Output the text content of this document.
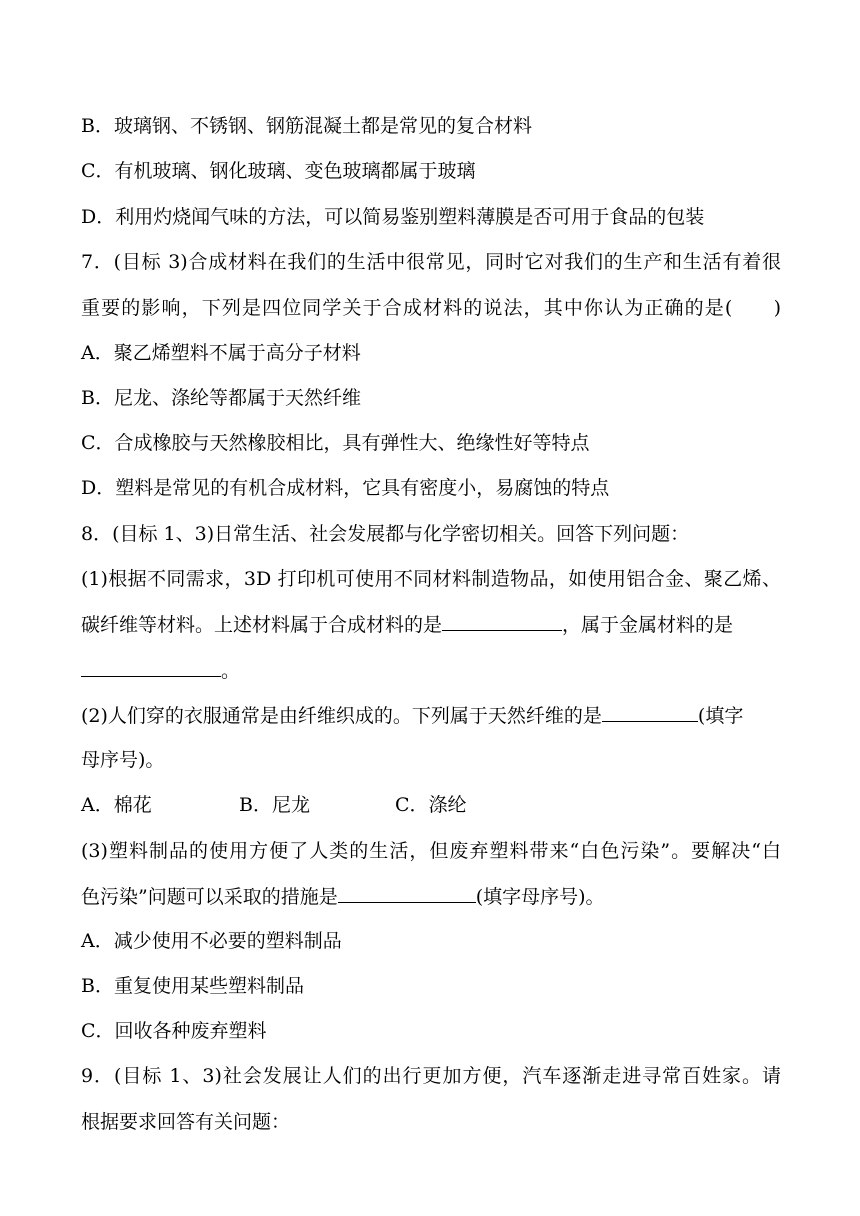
B．玻璃钢、不锈钢、钢筋混凝土都是常见的复合材料
C．有机玻璃、钢化玻璃、变色玻璃都属于玻璃
D．利用灼烧闻气味的方法，可以简易鉴别塑料薄膜是否可用于食品的包装
7．(目标 3)合成材料在我们的生活中很常见，同时它对我们的生产和生活有着很
重要的影响，下列是四位同学关于合成材料的说法，其中你认为正确的是(　　)
A．聚乙烯塑料不属于高分子材料
B．尼龙、涤纶等都属于天然纤维
C．合成橡胶与天然橡胶相比，具有弹性大、绝缘性好等特点
D．塑料是常见的有机合成材料，它具有密度小，易腐蚀的特点
8．(目标 1、3)日常生活、社会发展都与化学密切相关。回答下列问题：
(1)根据不同需求，3D 打印机可使用不同材料制造物品，如使用铝合金、聚乙烯、
碳纤维等材料。上述材料属于合成材料的是	，属于金属材料的是
。
(2)人们穿的衣服通常是由纤维织成的。下列属于天然纤维的是	(填字
母序号)。
A．棉花	B．尼龙	C．涤纶
(3)塑料制品的使用方便了人类的生活，但废弃塑料带来“白色污染”。要解决“白
色污染”问题可以采取的措施是	(填字母序号)。
A．减少使用不必要的塑料制品
B．重复使用某些塑料制品
C．回收各种废弃塑料
9．(目标 1、3)社会发展让人们的出行更加方便，汽车逐渐走进寻常百姓家。请
根据要求回答有关问题：
